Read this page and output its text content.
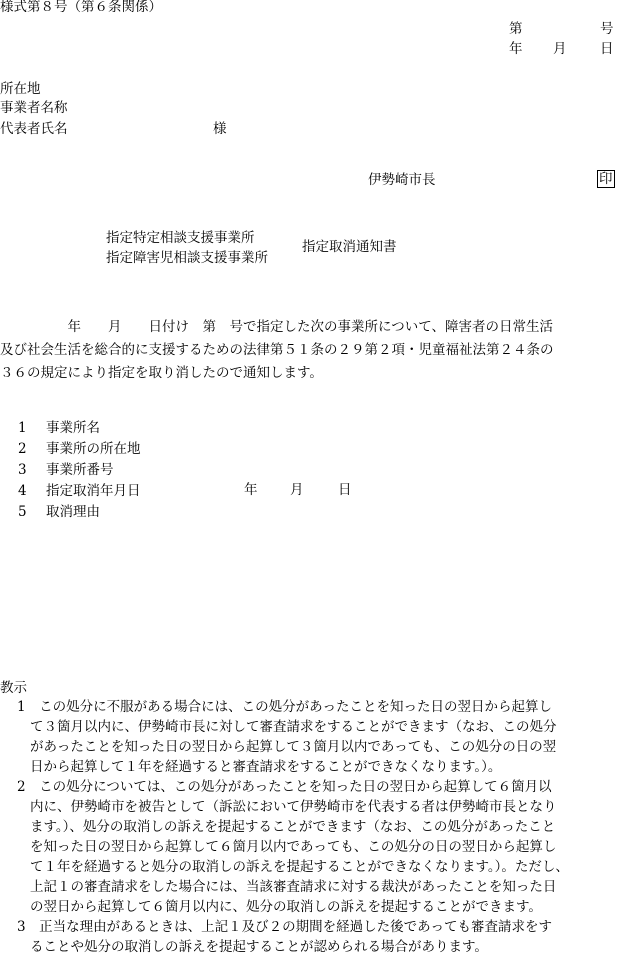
様式第８号（第６条関係）
第	号
年 月 日
所在地
事業者名称
代表者氏名	様
伊勢崎市長	印
指定特定相談支援事業所
指定障害児相談支援事業所
指定取消通知書
　　　　　年　　月　　日付け　第　号で指定した次の事業所について、障害者の日常生活
及び社会生活を総合的に支援するための法律第５１条の２９第２項・児童福祉法第２４条の
３６の規定により指定を取り消したので通知します。
1 事業所名
2 事業所の所在地
3 事業所番号
4 指定取消年月日	年 月	日
5 取消理由
教示
1　この処分に不服がある場合には、この処分があったことを知った日の翌日から起算し
て３箇月以内に、伊勢崎市長に対して審査請求をすることができます（なお、この処分
があったことを知った日の翌日から起算して３箇月以内であっても、この処分の日の翌
日から起算して１年を経過すると審査請求をすることができなくなります。）。
2　この処分については、この処分があったことを知った日の翌日から起算して６箇月以
内に、伊勢崎市を被告として（訴訟において伊勢崎市を代表する者は伊勢崎市長となり
ます。）、処分の取消しの訴えを提起することができます（なお、この処分があったこと
を知った日の翌日から起算して６箇月以内であっても、この処分の日の翌日から起算し
て１年を経過すると処分の取消しの訴えを提起することができなくなります。）。ただし、
上記１の審査請求をした場合には、当該審査請求に対する裁決があったことを知った日
の翌日から起算して６箇月以内に、処分の取消しの訴えを提起することができます。
3　正当な理由があるときは、上記１及び２の期間を経過した後であっても審査請求をす
ることや処分の取消しの訴えを提起することが認められる場合があります。
